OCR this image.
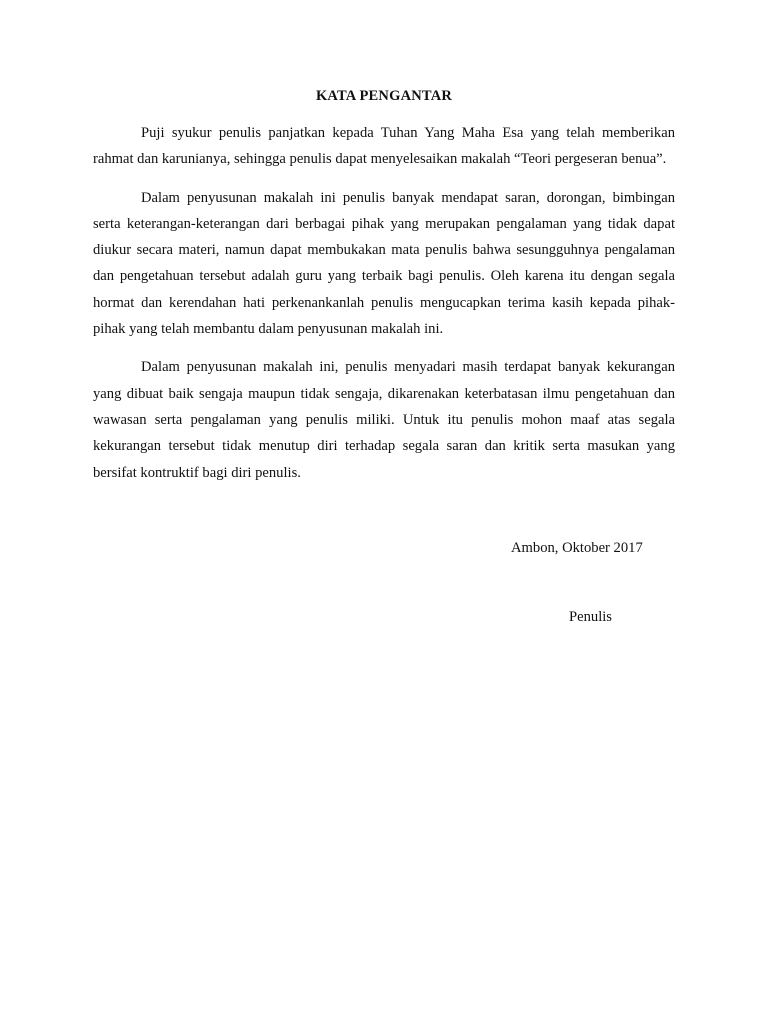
KATA PENGANTAR

Puji syukur penulis panjatkan kepada Tuhan Yang Maha Esa yang telah memberikan rahmat dan karunianya, sehingga penulis dapat menyelesaikan makalah “Teori pergeseran benua”.

Dalam penyusunan makalah ini penulis banyak mendapat saran, dorongan, bimbingan serta keterangan-keterangan dari berbagai pihak yang merupakan pengalaman yang tidak dapat diukur secara materi, namun dapat membukakan mata penulis bahwa sesungguhnya pengalaman dan pengetahuan tersebut adalah guru yang terbaik bagi penulis. Oleh karena itu dengan segala hormat dan kerendahan hati perkenankanlah penulis mengucapkan terima kasih kepada pihak-pihak yang telah membantu dalam penyusunan makalah ini.

Dalam penyusunan makalah ini, penulis menyadari masih terdapat banyak kekurangan yang dibuat baik sengaja maupun tidak sengaja, dikarenakan keterbatasan ilmu pengetahuan dan wawasan serta pengalaman yang penulis miliki. Untuk itu penulis mohon maaf atas segala kekurangan tersebut tidak menutup diri terhadap segala saran dan kritik serta masukan yang bersifat kontruktif bagi diri penulis.

Ambon, Oktober 2017
Penulis
